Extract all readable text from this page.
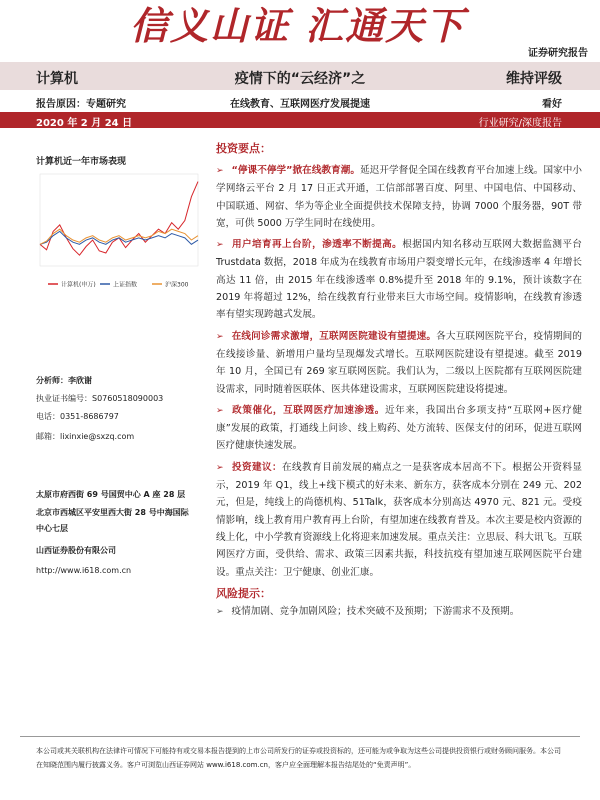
信义山证 汇通天下
证券研究报告
计算机	疫情下的“云经济”之	维持评级
报告原因：专题研究	在线教育、互联网医疗发展提速	看好
2020 年 2 月 24 日	行业研究/深度报告
计算机近一年市场表现
计算机(申万)	上证指数	沪深300
分析师：李欣谢
执业证书编号：S0760518090003
电话：0351-8686797
邮箱：lixinxie@sxzq.com
太原市府西街 69 号国贸中心 A 座 28 层
北京市西城区平安里西大街 28 号中海国际中心七层
山西证券股份有限公司
http://www.i618.com.cn
投资要点：

➢ “停课不停学”掀在线教育潮。延迟开学督促全国在线教育平台加速上线。国家中小学网络云平台 2 月 17 日正式开通，工信部部署百度、阿里、中国电信、中国移动、中国联通、网宿、华为等企业全面提供技术保障支持，协调 7000 个服务器，90T 带宽，可供 5000 万学生同时在线使用。

➢ 用户培育再上台阶，渗透率不断提高。根据国内知名移动互联网大数据监测平台 Trustdata 数据，2018 年成为在线教育市场用户裂变增长元年，在线渗透率 4 年增长高达 11 倍，由 2015 年在线渗透率 0.8%提升至 2018 年的 9.1%，预计该数字在 2019 年将超过 12%，给在线教育行业带来巨大市场空间。疫情影响，在线教育渗透率有望实现跨越式发展。

➢ 在线问诊需求激增，互联网医院建设有望提速。各大互联网医院平台，疫情期间的在线接诊量、新增用户量均呈现爆发式增长。互联网医院建设有望提速。截至 2019 年 10 月，全国已有 269 家互联网医院。我们认为，二级以上医院都有互联网医院建设需求，同时随着医联体、医共体建设需求，互联网医院建设将提速。

➢ 政策催化，互联网医疗加速渗透。近年来，我国出台多项支持“互联网+医疗健康”发展的政策，打通线上问诊、线上购药、处方流转、医保支付的闭环，促进互联网医疗健康快速发展。

➢ 投资建议：在线教育目前发展的痛点之一是获客成本居高不下。根据公开资料显示，2019 年 Q1，线上+线下模式的好未来、新东方，获客成本分别在 249 元、202 元，但是，纯线上的尚德机构、51Talk，获客成本分别高达 4970 元、821 元。受疫情影响，线上教育用户教育再上台阶，有望加速在线教育普及。本次主要是校内资源的线上化，中小学教育资源线上化将迎来加速发展。重点关注：立思辰、科大讯飞。互联网医疗方面，受供给、需求、政策三因素共振，科技抗疫有望加速互联网医院平台建设。重点关注：卫宁健康、创业汇康。

风险提示：

➢ 疫情加剧、竞争加剧风险；技术突破不及预期；下游需求不及预期。

本公司或其关联机构在法律许可情况下可能持有或交易本报告提到的上市公司所发行的证券或投资标的，还可能为或争取为这些公司提供投资银行或财务顾问服务。本公司在知晓范围内履行披露义务。客户可浏览山西证券网站 www.i618.com.cn，客户应全面理解本报告结尾处的“免责声明”。
